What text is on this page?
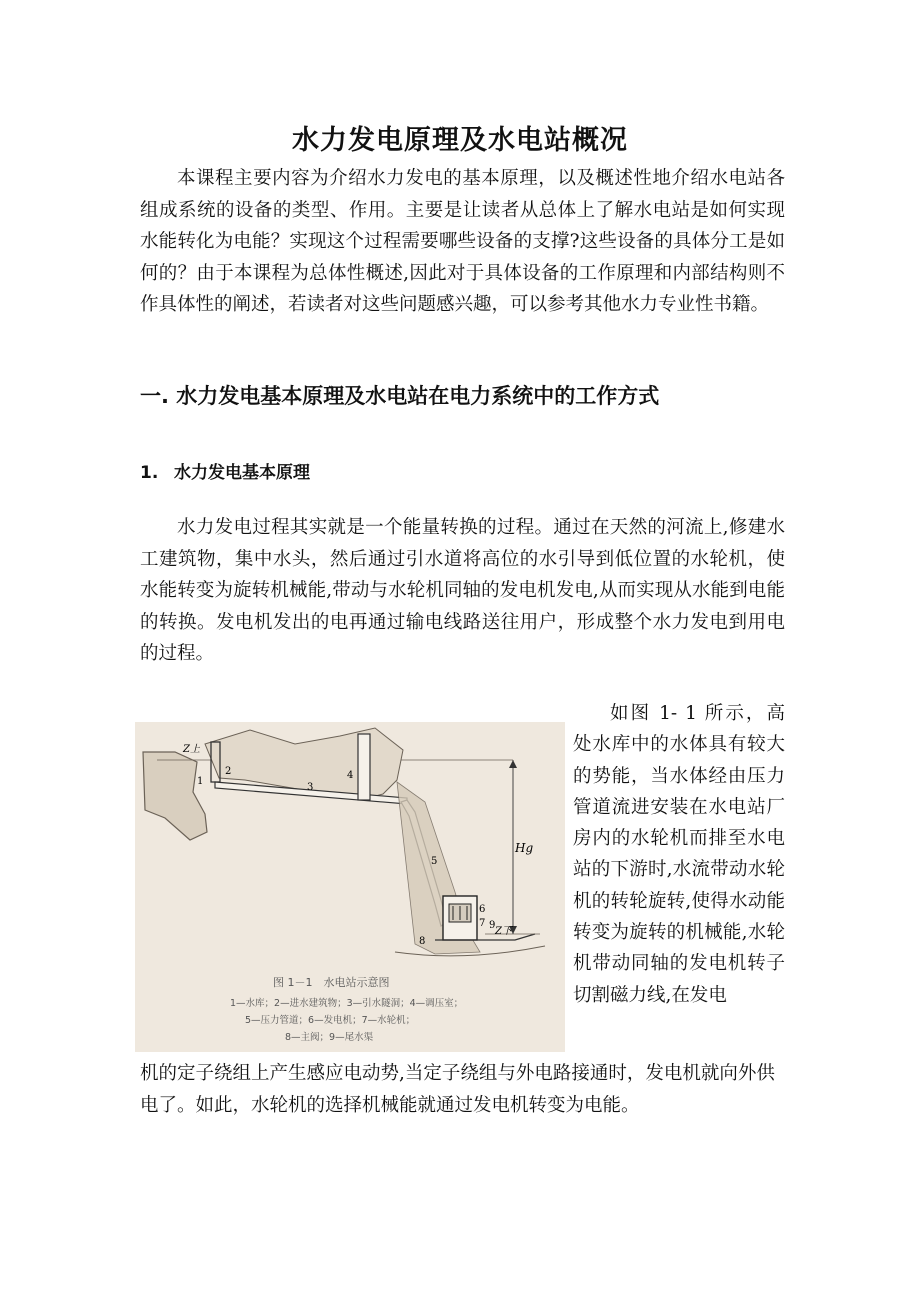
水力发电原理及水电站概况
本课程主要内容为介绍水力发电的基本原理，以及概述性地介绍水电站各组成系统的设备的类型、作用。主要是让读者从总体上了解水电站是如何实现水能转化为电能？实现这个过程需要哪些设备的支撑?这些设备的具体分工是如何的？由于本课程为总体性概述,因此对于具体设备的工作原理和内部结构则不作具体性的阐述，若读者对这些问题感兴趣，可以参考其他水力专业性书籍。
一. 水力发电基本原理及水电站在电力系统中的工作方式
1. 水力发电基本原理
水力发电过程其实就是一个能量转换的过程。通过在天然的河流上,修建水工建筑物，集中水头，然后通过引水道将高位的水引导到低位置的水轮机，使水能转变为旋转机械能,带动与水轮机同轴的发电机发电,从而实现从水能到电能的转换。发电机发出的电再通过输电线路送往用户，形成整个水力发电到用电的过程。
Hg
Z上
Z下
1
2
3
4
5
6
7
8
9
图 1－1　水电站示意图
1—水库；2—进水建筑物；3—引水隧洞；4—调压室；
5—压力管道；6—发电机；7—水轮机；
8—主阀；9—尾水渠
如图 1- 1 所示，高处水库中的水体具有较大的势能，当水体经由压力管道流进安装在水电站厂房内的水轮机而排至水电站的下游时,水流带动水轮机的转轮旋转,使得水动能转变为旋转的机械能,水轮机带动同轴的发电机转子切割磁力线,在发电
机的定子绕组上产生感应电动势,当定子绕组与外电路接通时，发电机就向外供电了。如此，水轮机的选择机械能就通过发电机转变为电能。
